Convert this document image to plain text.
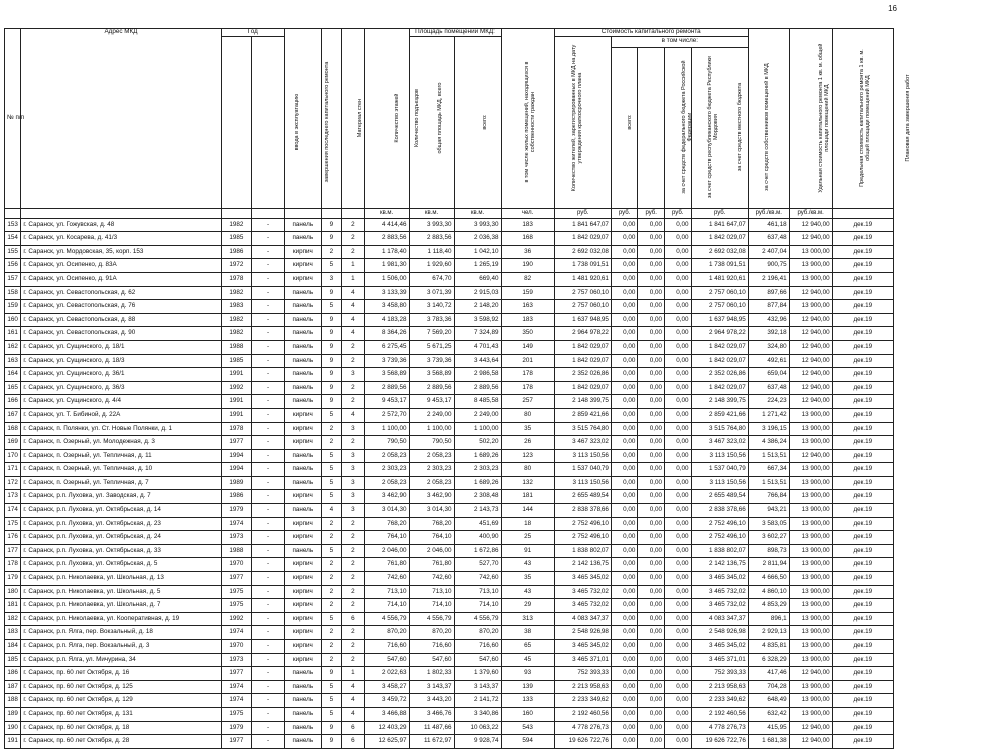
16
№ п/п	Адрес МКД	Год		Материал стен	Количество этажей	Количество подъездов	общая площадь МКД, всего	Площадь помещений МКД:		Количество жителей, зарегистрированных в МКД на дату утверждения краткосрочного плана	Стоимость капитального ремонта					Удельная стоимость капитального ремонта 1 кв. м. общей площади помещений МКД	Предельная стоимость капитального ремонта 1 кв. м. общей площади помещений МКД	Плановая дата завершения работ
		ввода в эксплуатацию	завершения последнего капитального ремонта					всего:	в том числе жилых помещений, находящихся в собственности граждан		всего:	в том числе:						
												за счет средств федерального бюджета Российской Федерации	за счет средств республиканского бюджета Республики Мордовия	за счет средств местного бюджета	за счет средств собственников помещений в МКД			
							кв.м.	кв.м.	кв.м.	чел.	руб.	руб.	руб.	руб.	руб.	руб./кв.м.	руб./кв.м.	
153	г. Саранск, ул. Гожувская, д. 48	1982	-	панель	9	2	4 414,46	3 993,30	3 993,30	183	1 841 647,07	0,00	0,00	0,00	1 841 647,07	461,18	12 940,00	дек.19
154	г. Саранск, ул. Косарева, д. 41/3	1985	-	панель	9	2	2 883,56	2 883,56	2 036,38	168	1 842 029,07	0,00	0,00	0,00	1 842 029,07	637,48	12 940,00	дек.19
155	г. Саранск, ул. Мордовская, 35, корп. 153	1986	-	кирпич	2	2	1 178,40	1 118,40	1 042,10	36	2 692 032,08	0,00	0,00	0,00	2 692 032,08	2 407,04	13 000,00	дек.19
156	г. Саранск, ул. Осипенко, д. 83А	1972	-	кирпич	5	1	1 981,30	1 929,60	1 265,19	190	1 738 091,51	0,00	0,00	0,00	1 738 091,51	900,75	13 900,00	дек.19
157	г. Саранск, ул. Осипенко, д. 91А	1978	-	кирпич	3	1	1 506,00	674,70	669,40	82	1 481 920,61	0,00	0,00	0,00	1 481 920,61	2 196,41	13 900,00	дек.19
158	г. Саранск, ул. Севастопольская, д. 62	1982	-	панель	9	4	3 133,39	3 071,39	2 915,03	159	2 757 060,10	0,00	0,00	0,00	2 757 060,10	897,66	12 940,00	дек.19
159	г. Саранск, ул. Севастопольская, д. 76	1983	-	панель	5	4	3 458,80	3 140,72	2 148,20	163	2 757 060,10	0,00	0,00	0,00	2 757 060,10	877,84	13 900,00	дек.19
160	г. Саранск, ул. Севастопольская, д. 88	1982	-	панель	9	4	4 183,28	3 783,36	3 598,92	183	1 637 948,95	0,00	0,00	0,00	1 637 948,95	432,96	12 940,00	дек.19
161	г. Саранск, ул. Севастопольская, д. 90	1982	-	панель	9	4	8 364,26	7 569,20	7 324,89	350	2 964 978,22	0,00	0,00	0,00	2 964 978,22	392,18	12 940,00	дек.19
162	г. Саранск, ул. Сущинского, д. 18/1	1988	-	панель	9	2	6 275,45	5 671,25	4 701,43	149	1 842 029,07	0,00	0,00	0,00	1 842 029,07	324,80	12 940,00	дек.19
163	г. Саранск, ул. Сущинского, д. 18/3	1985	-	панель	9	2	3 739,36	3 739,36	3 443,64	201	1 842 029,07	0,00	0,00	0,00	1 842 029,07	492,61	12 940,00	дек.19
164	г. Саранск, ул. Сущинского, д. 36/1	1991	-	панель	9	3	3 568,89	3 568,89	2 986,58	178	2 352 026,86	0,00	0,00	0,00	2 352 026,86	659,04	12 940,00	дек.19
165	г. Саранск, ул. Сущинского, д. 36/3	1992	-	панель	9	2	2 889,56	2 889,56	2 889,56	178	1 842 029,07	0,00	0,00	0,00	1 842 029,07	637,48	12 940,00	дек.19
166	г. Саранск, ул. Сущинского, д. 4/4	1991	-	панель	9	2	9 453,17	9 453,17	8 485,58	257	2 148 399,75	0,00	0,00	0,00	2 148 399,75	224,23	12 940,00	дек.19
167	г. Саранск, ул. Т. Бибиной, д. 22А	1991	-	кирпич	5	4	2 572,70	2 249,00	2 249,00	80	2 859 421,66	0,00	0,00	0,00	2 859 421,66	1 271,42	13 900,00	дек.19
168	г. Саранск, п. Полянки, ул. Ст. Новые Полянки, д. 1	1978	-	кирпич	2	3	1 100,00	1 100,00	1 100,00	35	3 515 764,80	0,00	0,00	0,00	3 515 764,80	3 196,15	13 900,00	дек.19
169	г. Саранск, п. Озерный, ул. Молодежная, д. 3	1977	-	кирпич	2	2	790,50	790,50	502,20	26	3 467 323,02	0,00	0,00	0,00	3 467 323,02	4 386,24	13 900,00	дек.19
170	г. Саранск, п. Озерный, ул. Тепличная, д. 11	1994	-	панель	5	3	2 058,23	2 058,23	1 689,26	123	3 113 150,56	0,00	0,00	0,00	3 113 150,56	1 513,51	12 940,00	дек.19
171	г. Саранск, п. Озерный, ул. Тепличная, д. 10	1994	-	панель	5	3	2 303,23	2 303,23	2 303,23	80	1 537 040,79	0,00	0,00	0,00	1 537 040,79	667,34	13 900,00	дек.19
172	г. Саранск, п. Озерный, ул. Тепличная, д. 7	1989	-	панель	5	3	2 058,23	2 058,23	1 689,26	132	3 113 150,56	0,00	0,00	0,00	3 113 150,56	1 513,51	13 900,00	дек.19
173	г. Саранск, р.п. Луховка, ул. Заводская, д. 7	1986	-	кирпич	5	3	3 462,90	3 462,90	2 308,48	181	2 655 489,54	0,00	0,00	0,00	2 655 489,54	766,84	13 900,00	дек.19
174	г. Саранск, р.п. Луховка, ул. Октябрьская, д. 14	1979	-	панель	4	3	3 014,30	3 014,30	2 143,73	144	2 838 378,66	0,00	0,00	0,00	2 838 378,66	943,21	13 900,00	дек.19
175	г. Саранск, р.п. Луховка, ул. Октябрьская, д. 23	1974	-	кирпич	2	2	768,20	768,20	451,69	18	2 752 496,10	0,00	0,00	0,00	2 752 496,10	3 583,05	13 900,00	дек.19
176	г. Саранск, р.п. Луховка, ул. Октябрьская, д. 24	1973	-	кирпич	2	2	764,10	764,10	400,90	25	2 752 496,10	0,00	0,00	0,00	2 752 496,10	3 602,27	13 900,00	дек.19
177	г. Саранск, р.п. Луховка, ул. Октябрьская, д. 33	1988	-	панель	5	2	2 046,00	2 046,00	1 672,86	91	1 838 802,07	0,00	0,00	0,00	1 838 802,07	898,73	13 900,00	дек.19
178	г. Саранск, р.п. Луховка, ул. Октябрьская, д. 5	1970	-	кирпич	2	2	761,80	761,80	527,70	43	2 142 136,75	0,00	0,00	0,00	2 142 136,75	2 811,94	13 900,00	дек.19
179	г. Саранск, р.п. Николаевка, ул. Школьная, д. 13	1977	-	кирпич	2	2	742,60	742,60	742,60	35	3 465 345,02	0,00	0,00	0,00	3 465 345,02	4 666,50	13 900,00	дек.19
180	г. Саранск, р.п. Николаевка, ул. Школьная, д. 5	1975	-	кирпич	2	2	713,10	713,10	713,10	43	3 465 732,02	0,00	0,00	0,00	3 465 732,02	4 860,10	13 900,00	дек.19
181	г. Саранск, р.п. Николаевка, ул. Школьная, д. 7	1975	-	кирпич	2	2	714,10	714,10	714,10	29	3 465 732,02	0,00	0,00	0,00	3 465 732,02	4 853,29	13 900,00	дек.19
182	г. Саранск, р.п. Николаевка, ул. Кооперативная, д. 19	1992	-	кирпич	5	6	4 556,79	4 556,79	4 556,79	313	4 083 347,37	0,00	0,00	0,00	4 083 347,37	896,1	13 900,00	дек.19
183	г. Саранск, р.п. Ялга, пер. Вокзальный, д. 18	1974	-	кирпич	2	2	870,20	870,20	870,20	38	2 548 926,98	0,00	0,00	0,00	2 548 926,98	2 929,13	13 900,00	дек.19
184	г. Саранск, р.п. Ялга, пер. Вокзальный, д. 3	1970	-	кирпич	2	2	716,60	716,60	716,60	65	3 465 345,02	0,00	0,00	0,00	3 465 345,02	4 835,81	13 900,00	дек.19
185	г. Саранск, р.п. Ялга, ул. Мичурина, 34	1973	-	кирпич	2	2	547,60	547,60	547,60	45	3 465 371,01	0,00	0,00	0,00	3 465 371,01	6 328,29	13 900,00	дек.19
186	г. Саранск, пр. 60 лет Октября, д. 16	1977	-	панель	9	1	2 022,63	1 802,33	1 379,60	93	752 393,33	0,00	0,00	0,00	752 393,33	417,46	12 940,00	дек.19
187	г. Саранск, пр. 60 лет Октября, д. 125	1974	-	панель	5	4	3 458,27	3 143,37	3 143,37	139	2 213 958,63	0,00	0,00	0,00	2 213 958,63	704,28	13 900,00	дек.19
188	г. Саранск, пр. 60 лет Октября, д. 129	1974	-	панель	5	4	3 459,72	3 443,20	2 141,72	133	2 233 349,62	0,00	0,00	0,00	2 233 349,62	648,49	13 900,00	дек.19
189	г. Саранск, пр. 60 лет Октября, д. 131	1975	-	панель	5	4	3 466,88	3 466,76	3 340,86	160	2 192 460,56	0,00	0,00	0,00	2 192 460,56	632,42	13 900,00	дек.19
190	г. Саранск, пр. 60 лет Октября, д. 18	1979	-	панель	9	6	12 403,29	11 487,66	10 063,22	543	4 778 276,73	0,00	0,00	0,00	4 778 276,73	415,95	12 940,00	дек.19
191	г. Саранск, пр. 60 лет Октября, д. 28	1977	-	панель	9	6	12 625,97	11 672,97	9 928,74	594	19 626 722,76	0,00	0,00	0,00	19 626 722,76	1 681,38	12 940,00	дек.19
